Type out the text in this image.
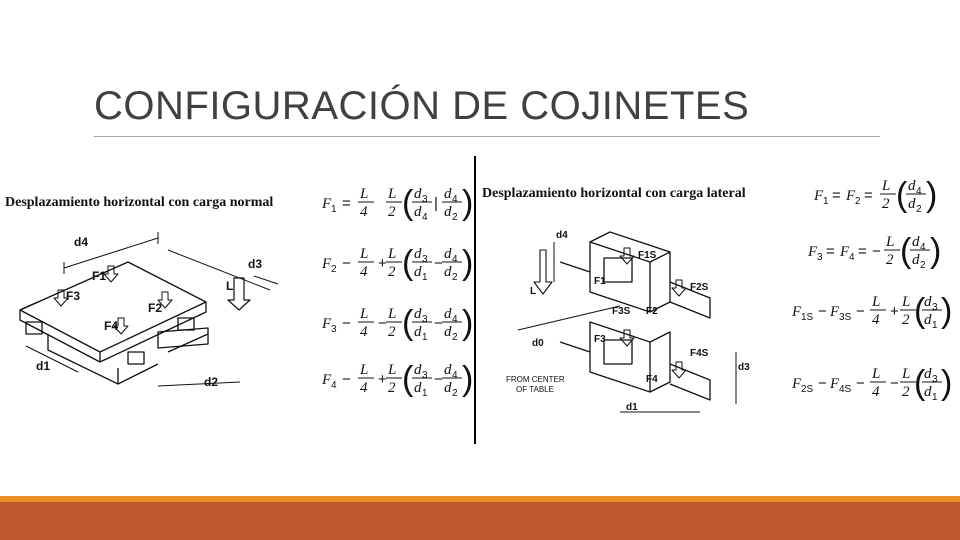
CONFIGURACIÓN DE COJINETES
Desplazamiento horizontal con carga normal
d4
d3
d1
d2
F1
F2
F3
F4
L
F 1 =
L
4
L
2 ( d 3
d 4
|
d 4
d 2 )
F 2 −
L
4 +
L
2 ( d 3
d 1
−
d 4
d 2 )
F 3 −
L
4 −
L
2 ( d 3
d 1
−
d 4
d 2 )
F 4 −
L
4 +
L
2 ( d 3
d 1
−
d 4
d 2 )
Desplazamiento horizontal con carga lateral
d4
d0
d1
d3
L
F1
F2
F3
F4
F1S
F2S
F3S
F4S
FROM CENTER
OF TABLE
F 1 = F 2 =
L
2 ( d 4
d 2 )
F 3 = F 4 = −
L
2 ( d 4
d 2 )
F 1S − F 3S −
L
4 +
L
2 (
d 3
d 1 )
F 2S − F 4S −
L
4 −
L
2 (
d 3
d 1 )
